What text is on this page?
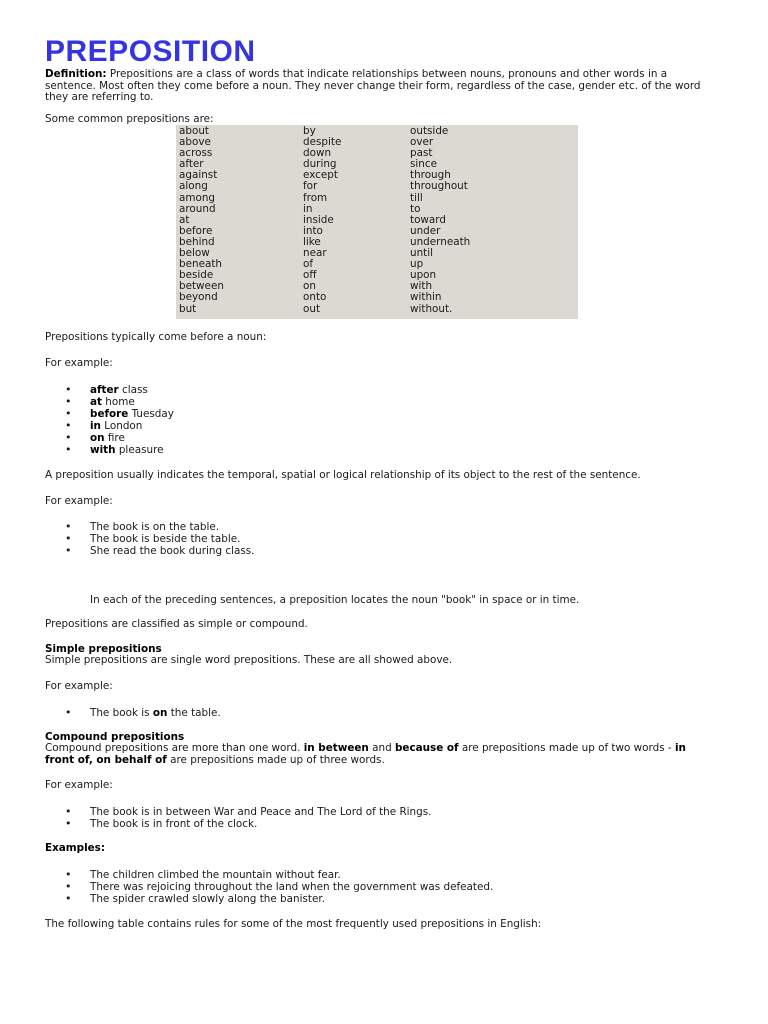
PREPOSITION
Definition: Prepositions are a class of words that indicate relationships between nouns, pronouns and other words in a sentence. Most often they come before a noun. They never change their form, regardless of the case, gender etc. of the word they are referring to.
Some common prepositions are:
about
above
across
after
against
along
among
around
at
before
behind
below
beneath
beside
between
beyond
but
by
despite
down
during
except
for
from
in
inside
into
like
near
of
off
on
onto
out
outside
over
past
since
through
throughout
till
to
toward
under
underneath
until
up
upon
with
within
without.
Prepositions typically come before a noun:
For example:
• after class
• at home
• before Tuesday
• in London
• on fire
• with pleasure
A preposition usually indicates the temporal, spatial or logical relationship of its object to the rest of the sentence.
For example:
• The book is on the table.
• The book is beside the table.
• She read the book during class.
In each of the preceding sentences, a preposition locates the noun "book" in space or in time.
Prepositions are classified as simple or compound.
Simple prepositions
Simple prepositions are single word prepositions. These are all showed above.
For example:
• The book is on the table.
Compound prepositions
Compound prepositions are more than one word. in between and because of are prepositions made up of two words - in front of, on behalf of are prepositions made up of three words.
For example:
• The book is in between War and Peace and The Lord of the Rings.
• The book is in front of the clock.
Examples:
• The children climbed the mountain without fear.
• There was rejoicing throughout the land when the government was defeated.
• The spider crawled slowly along the banister.
The following table contains rules for some of the most frequently used prepositions in English:
